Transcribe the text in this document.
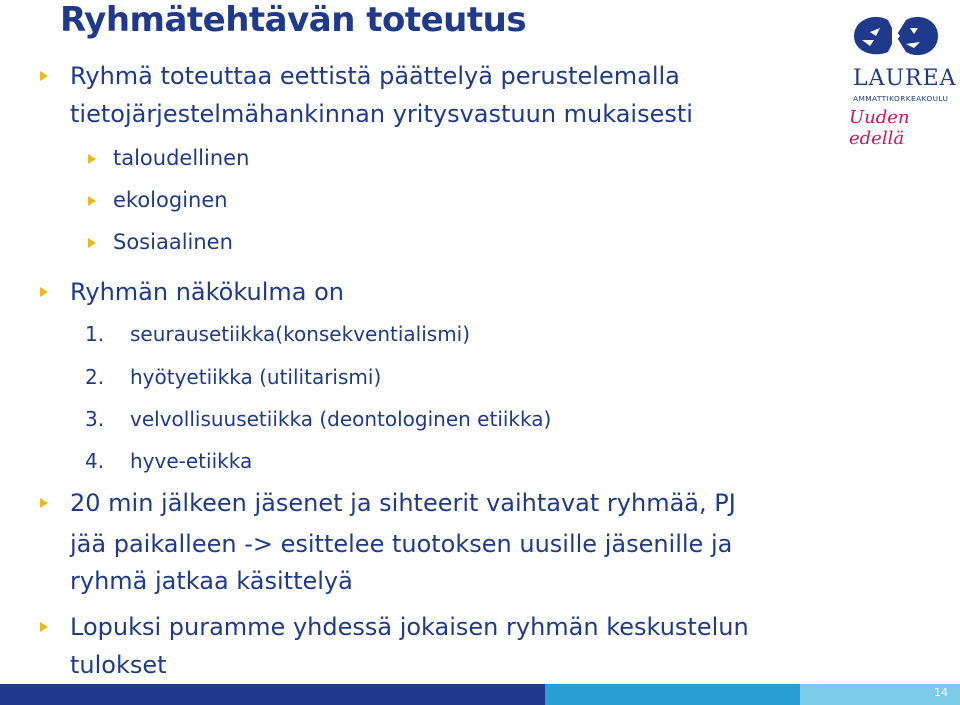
Ryhmätehtävän toteutus
LAUREA
AMMATTIKORKEAKOULU
Uuden edellä
Ryhmä toteuttaa eettistä päättelyä perustelemalla
tietojärjestelmähankinnan yritysvastuun mukaisesti
taloudellinen
ekologinen
Sosiaalinen
Ryhmän näkökulma on
1. seurausetiikka(konsekventialismi)
2. hyötyetiikka (utilitarismi)
3. velvollisuusetiikka (deontologinen etiikka)
4. hyve-etiikka
20 min jälkeen jäsenet ja sihteerit vaihtavat ryhmää, PJ
jää paikalleen -> esittelee tuotoksen uusille jäsenille ja
ryhmä jatkaa käsittelyä
Lopuksi puramme yhdessä jokaisen ryhmän keskustelun
tulokset
14
